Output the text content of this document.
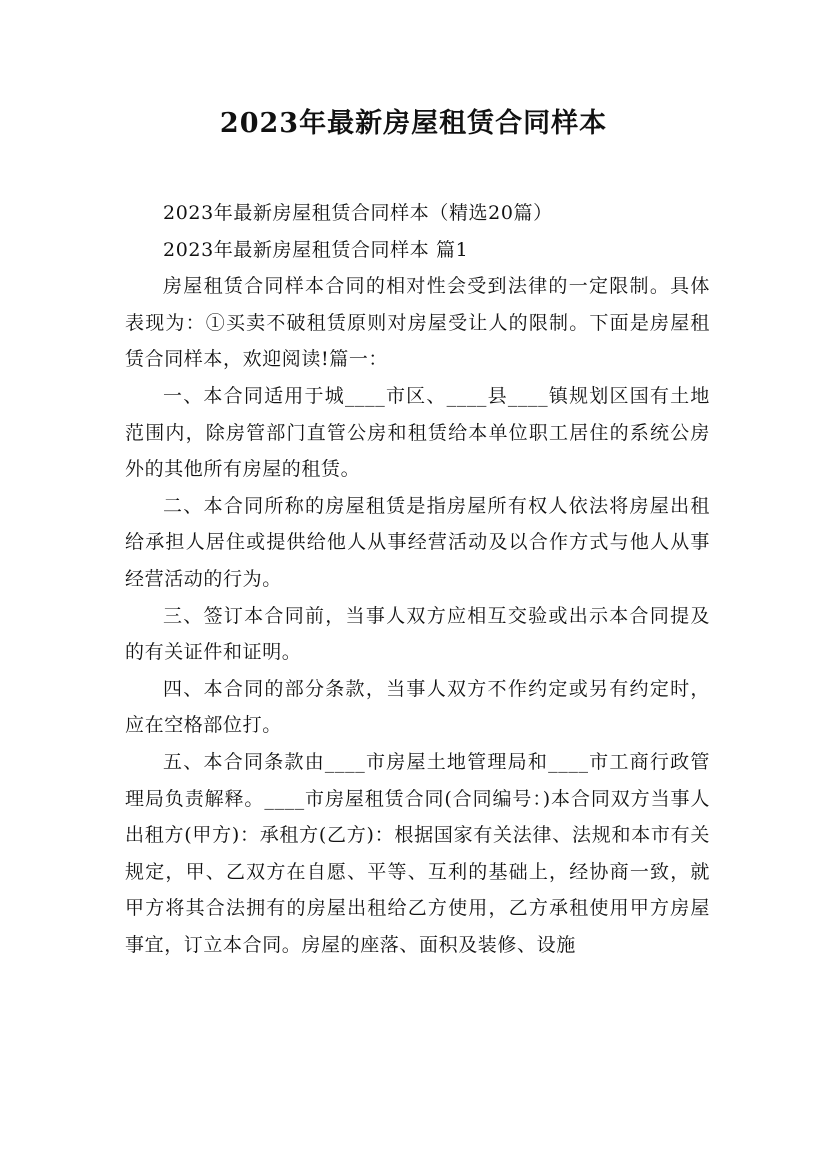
2023年最新房屋租赁合同样本

2023年最新房屋租赁合同样本（精选20篇）

2023年最新房屋租赁合同样本 篇1

房屋租赁合同样本合同的相对性会受到法律的一定限制。具体表现为：①买卖不破租赁原则对房屋受让人的限制。下面是房屋租赁合同样本，欢迎阅读!篇一：

一、本合同适用于城____市区、____县____镇规划区国有土地范围内，除房管部门直管公房和租赁给本单位职工居住的系统公房外的其他所有房屋的租赁。

二、本合同所称的房屋租赁是指房屋所有权人依法将房屋出租给承担人居住或提供给他人从事经营活动及以合作方式与他人从事经营活动的行为。

三、签订本合同前，当事人双方应相互交验或出示本合同提及的有关证件和证明。

四、本合同的部分条款，当事人双方不作约定或另有约定时，应在空格部位打。

五、本合同条款由____市房屋土地管理局和____市工商行政管理局负责解释。____市房屋租赁合同(合同编号：)本合同双方当事人出租方(甲方)：承租方(乙方)：根据国家有关法律、法规和本市有关规定，甲、乙双方在自愿、平等、互利的基础上，经协商一致，就甲方将其合法拥有的房屋出租给乙方使用，乙方承租使用甲方房屋事宜，订立本合同。房屋的座落、面积及装修、设施
